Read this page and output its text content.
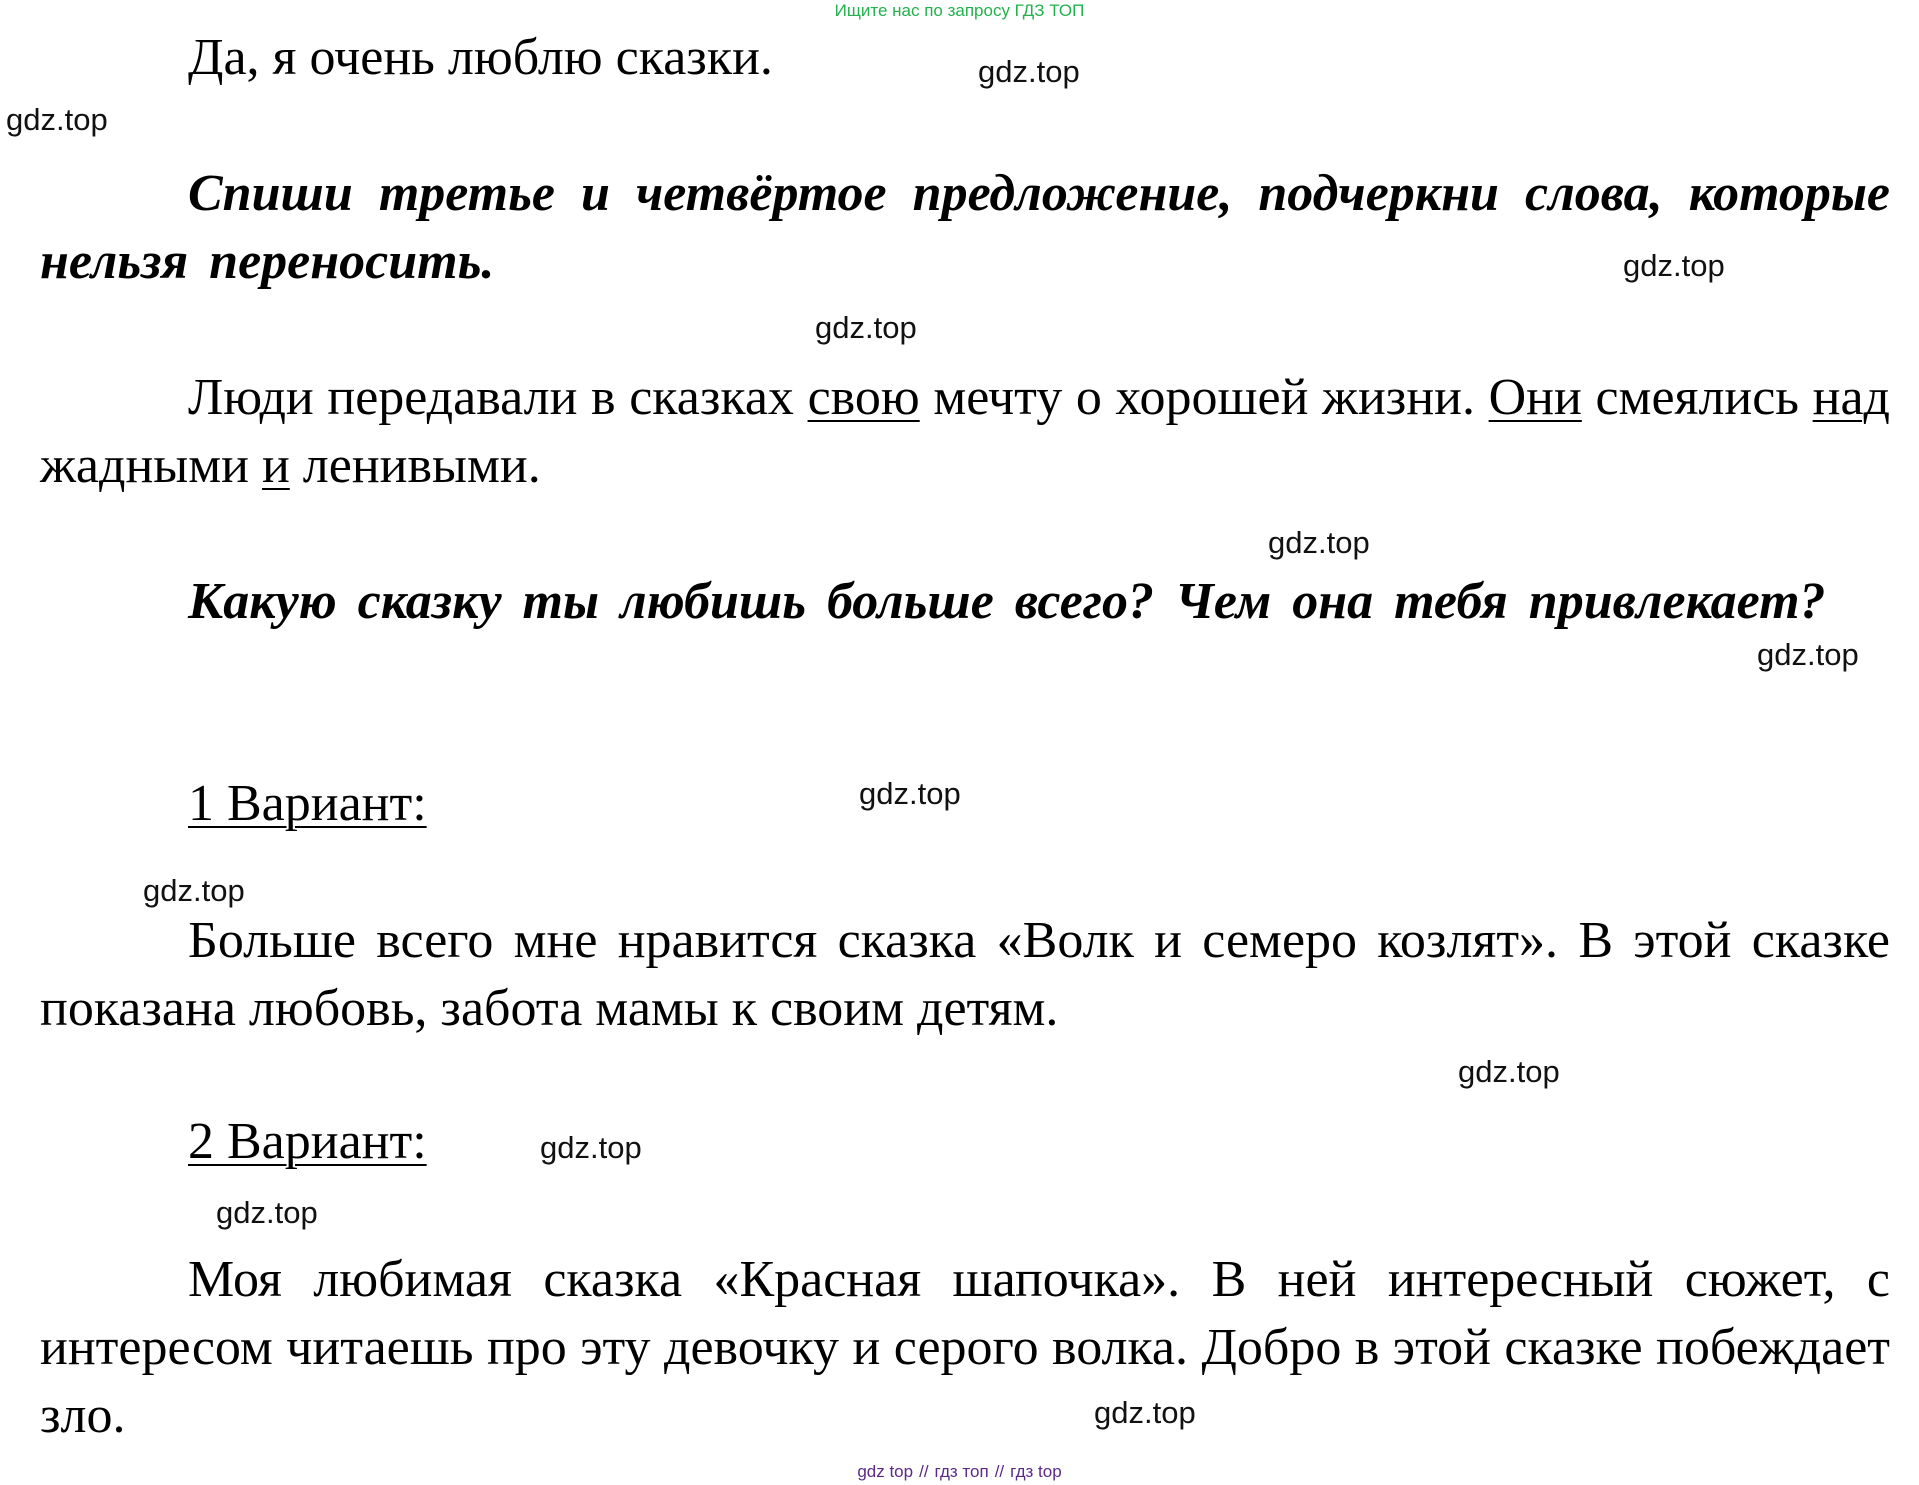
Ищите нас по запросу ГДЗ ТОП
gdz.top
gdz.top
gdz.top
gdz.top
gdz.top
gdz.top
gdz.top
gdz.top
gdz.top
gdz.top
gdz.top
gdz.top

Да, я очень люблю сказки.

Спиши третье и четвёртое предложение, подчеркни слова, которые нельзя переносить.

Люди передавали в сказках свою мечту о хорошей жизни. Они смеялись над жадными и ленивыми.

Какую сказку ты любишь больше всего? Чем она тебя привлекает?

1 Вариант:

Больше всего мне нравится сказка «Волк и семеро козлят». В этой сказке показана любовь, забота мамы к своим детям.

2 Вариант:

Моя любимая сказка «Красная шапочка». В ней интересный сюжет, с интересом читаешь про эту девочку и серого волка. Добро в этой сказке побеждает зло.

gdz top // гдз топ // гдз top
